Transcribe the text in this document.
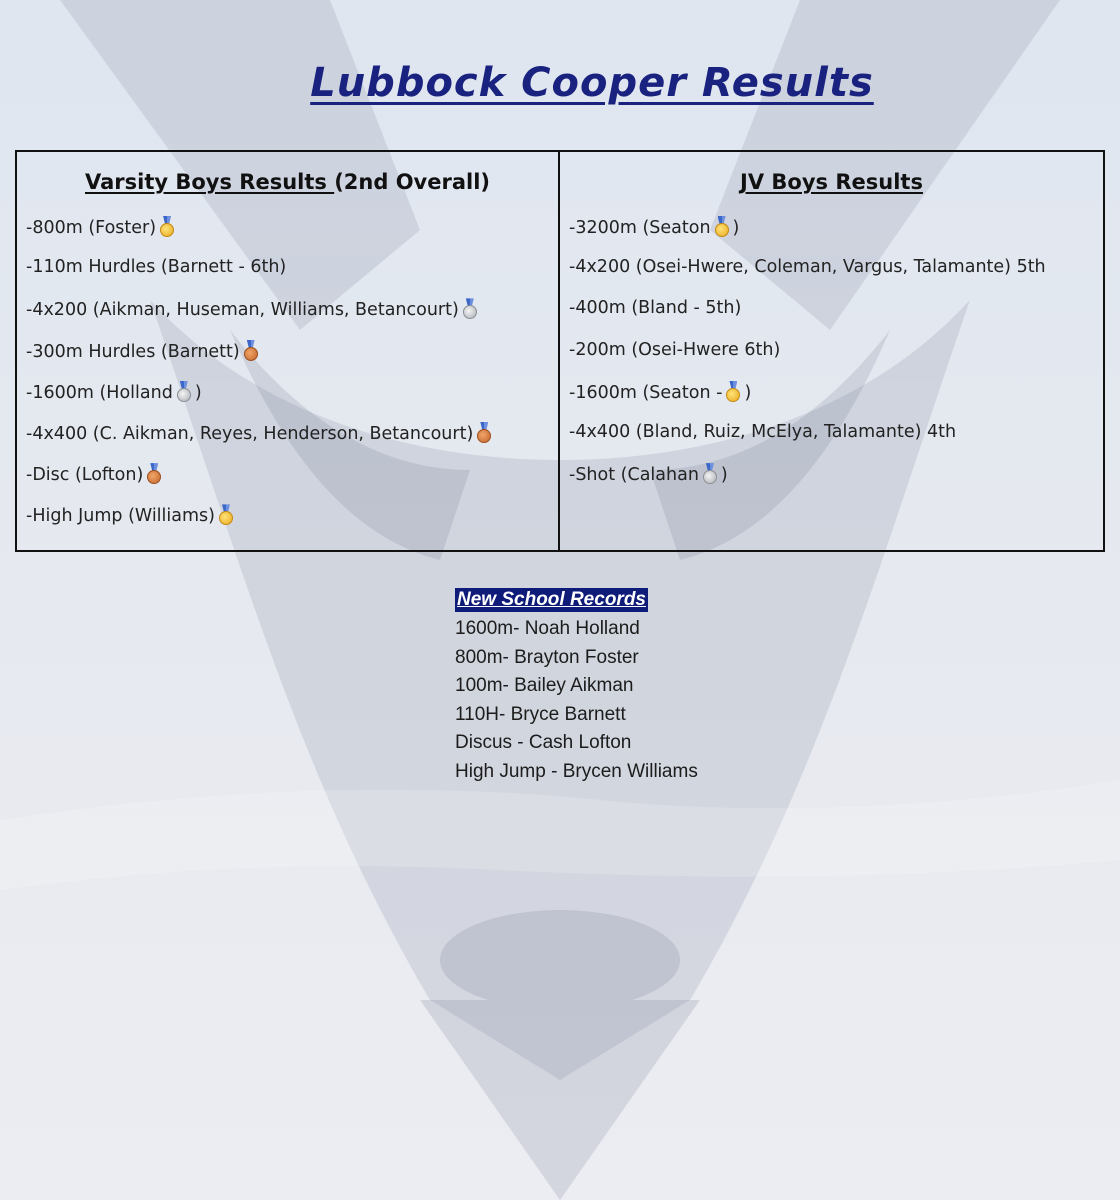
Lubbock Cooper Results
Varsity Boys Results (2nd Overall)
-800m (Foster)
-110m Hurdles (Barnett - 6th)
-4x200 (Aikman, Huseman, Williams, Betancourt)
-300m Hurdles (Barnett)
-1600m (Holland )
-4x400 (C. Aikman, Reyes, Henderson, Betancourt)
-Disc (Lofton)
-High Jump (Williams)
JV Boys Results
-3200m (Seaton )
-4x200 (Osei-Hwere, Coleman, Vargus, Talamante) 5th
-400m (Bland - 5th)
-200m (Osei-Hwere 6th)
-1600m (Seaton - )
-4x400 (Bland, Ruiz, McElya, Talamante) 4th
-Shot (Calahan )
New School Records
1600m- Noah Holland
800m- Brayton Foster
100m- Bailey Aikman
110H- Bryce Barnett
Discus - Cash Lofton
High Jump - Brycen Williams
